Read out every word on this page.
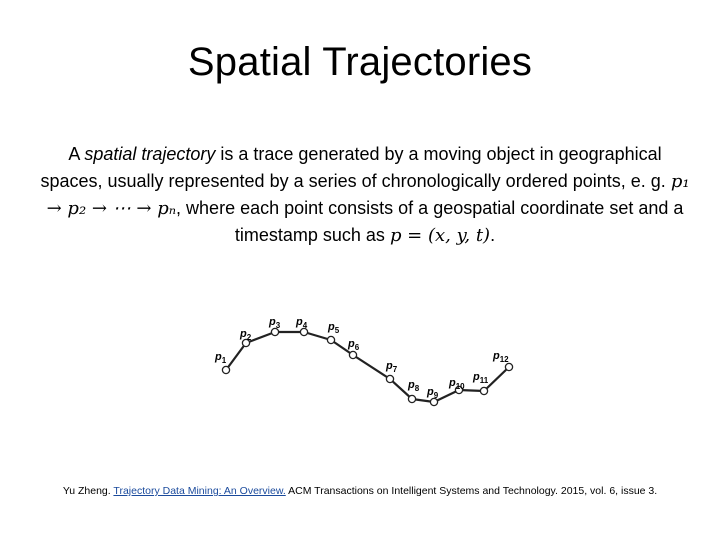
Spatial Trajectories
A spatial trajectory is a trace generated by a moving object in geographical spaces, usually represented by a series of chronologically ordered points, e. g. p₁ → p₂ → ⋯ → pₙ, where each point consists of a geospatial coordinate set and a timestamp such as p = (x, y, t).
$p_1$
$p_2$
$p_3$ $p_4$ $p_5$
$p_6$
$p_7$
$p_8$ $p_9$
$p_{10}$
$p_{11}$
$p_{12}$
Yu Zheng. Trajectory Data Mining: An Overview. ACM Transactions on Intelligent Systems and Technology. 2015, vol. 6, issue 3.
